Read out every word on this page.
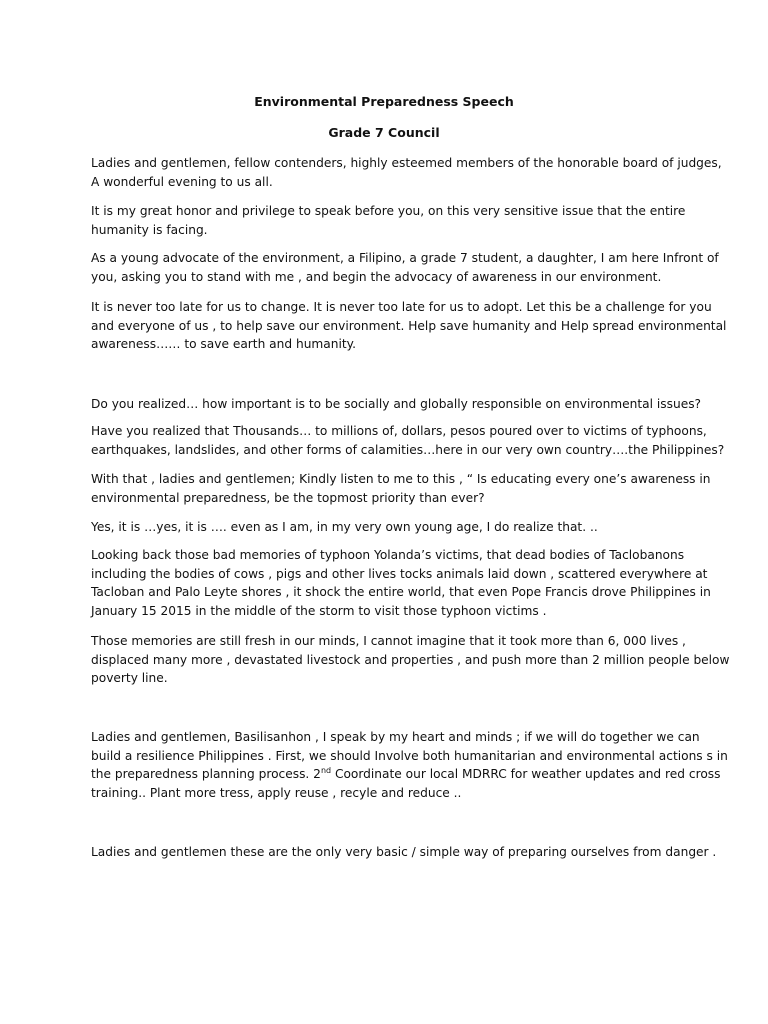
Environmental Preparedness Speech
Grade 7 Council
Ladies and gentlemen, fellow contenders, highly esteemed members of the honorable board of judges,
A wonderful evening to us all.
It is my great honor and privilege to speak before you, on this very sensitive issue that the entire
humanity is facing.
As a young advocate of the environment, a Filipino, a grade 7 student, a daughter, I am here Infront of
you, asking you to stand with me , and begin the advocacy of awareness in our environment.
It is never too late for us to change. It is never too late for us to adopt. Let this be a challenge for you
and everyone of us , to help save our environment. Help save humanity and Help spread environmental
awareness…… to save earth and humanity.
Do you realized… how important is to be socially and globally responsible on environmental issues?
Have you realized that Thousands… to millions of, dollars, pesos poured over to victims of typhoons,
earthquakes, landslides, and other forms of calamities…here in our very own country….the Philippines?
With that , ladies and gentlemen; Kindly listen to me to this , “ Is educating every one’s awareness in
environmental preparedness, be the topmost priority than ever?
Yes, it is …yes, it is …. even as I am, in my very own young age, I do realize that. ..
Looking back those bad memories of typhoon Yolanda’s victims, that dead bodies of Taclobanons
including the bodies of cows , pigs and other lives tocks animals laid down , scattered everywhere at
Tacloban and Palo Leyte shores , it shock the entire world, that even Pope Francis drove Philippines in
January 15 2015 in the middle of the storm to visit those typhoon victims .
Those memories are still fresh in our minds, I cannot imagine that it took more than 6, 000 lives ,
displaced many more , devastated livestock and properties , and push more than 2 million people below
poverty line.
Ladies and gentlemen, Basilisanhon , I speak by my heart and minds ; if we will do together we can
build a resilience Philippines . First, we should Involve both humanitarian and environmental actions s in
the preparedness planning process. 2nd Coordinate our local MDRRC for weather updates and red cross
training.. Plant more tress, apply reuse , recyle and reduce ..
Ladies and gentlemen these are the only very basic / simple way of preparing ourselves from danger .
